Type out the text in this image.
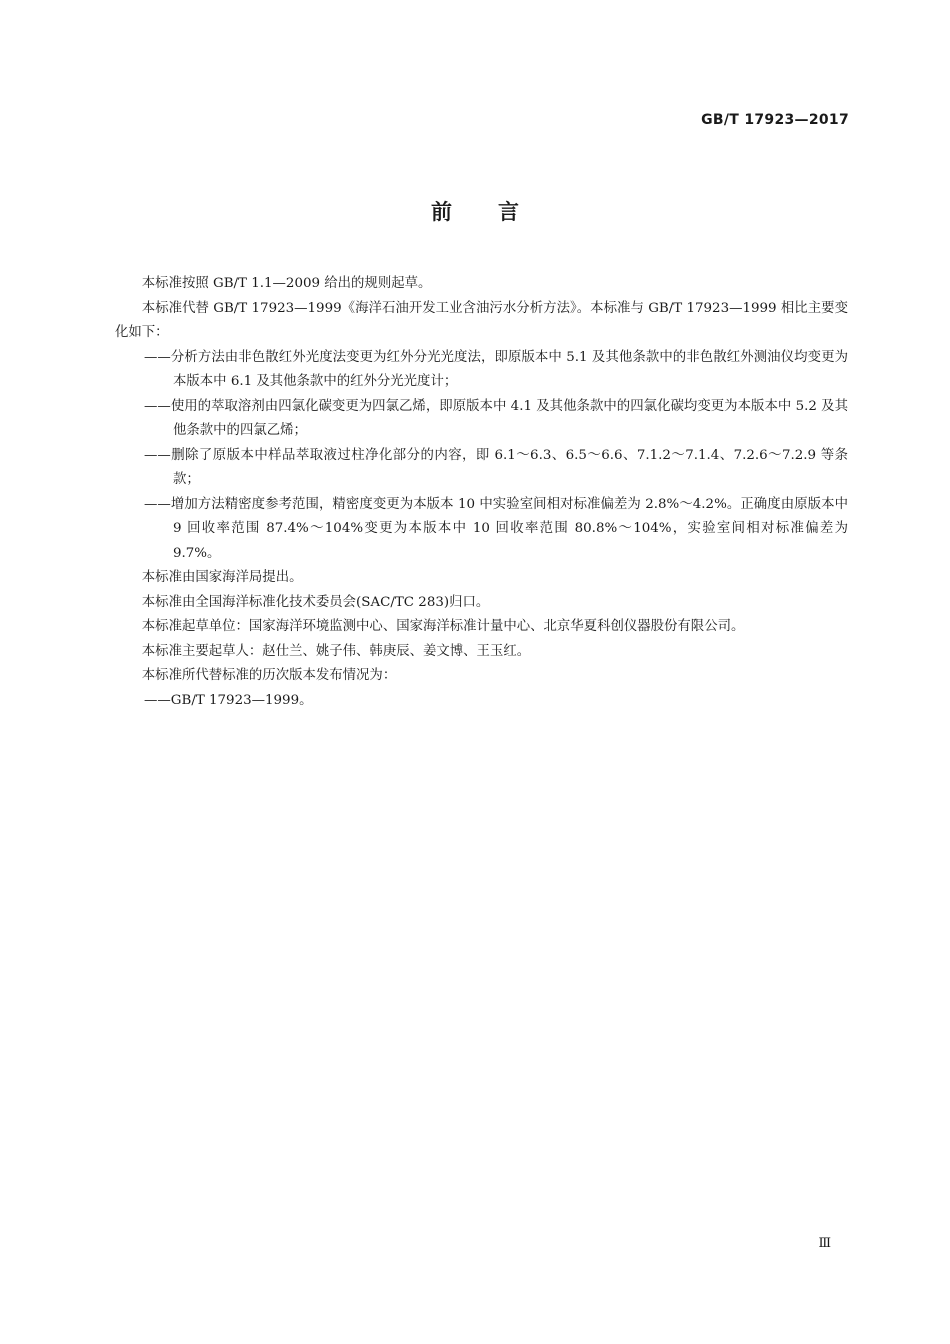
GB/T 17923—2017
前言

本标准按照 GB/T 1.1—2009 给出的规则起草。

本标准代替 GB/T 17923—1999《海洋石油开发工业含油污水分析方法》。本标准与 GB/T 17923—1999 相比主要变化如下：

——分析方法由非色散红外光度法变更为红外分光光度法，即原版本中 5.1 及其他条款中的非色散红外测油仪均变更为本版本中 6.1 及其他条款中的红外分光光度计；

——使用的萃取溶剂由四氯化碳变更为四氯乙烯，即原版本中 4.1 及其他条款中的四氯化碳均变更为本版本中 5.2 及其他条款中的四氯乙烯；

——删除了原版本中样品萃取液过柱净化部分的内容，即 6.1～6.3、6.5～6.6、7.1.2～7.1.4、7.2.6～7.2.9 等条款；

——增加方法精密度参考范围，精密度变更为本版本 10 中实验室间相对标准偏差为 2.8%～4.2%。正确度由原版本中 9 回收率范围 87.4%～104%变更为本版本中 10 回收率范围 80.8%～104%，实验室间相对标准偏差为 9.7%。

本标准由国家海洋局提出。

本标准由全国海洋标准化技术委员会(SAC/TC 283)归口。

本标准起草单位：国家海洋环境监测中心、国家海洋标准计量中心、北京华夏科创仪器股份有限公司。

本标准主要起草人：赵仕兰、姚子伟、韩庚辰、姜文博、王玉红。

本标准所代替标准的历次版本发布情况为：

——GB/T 17923—1999。

Ⅲ
